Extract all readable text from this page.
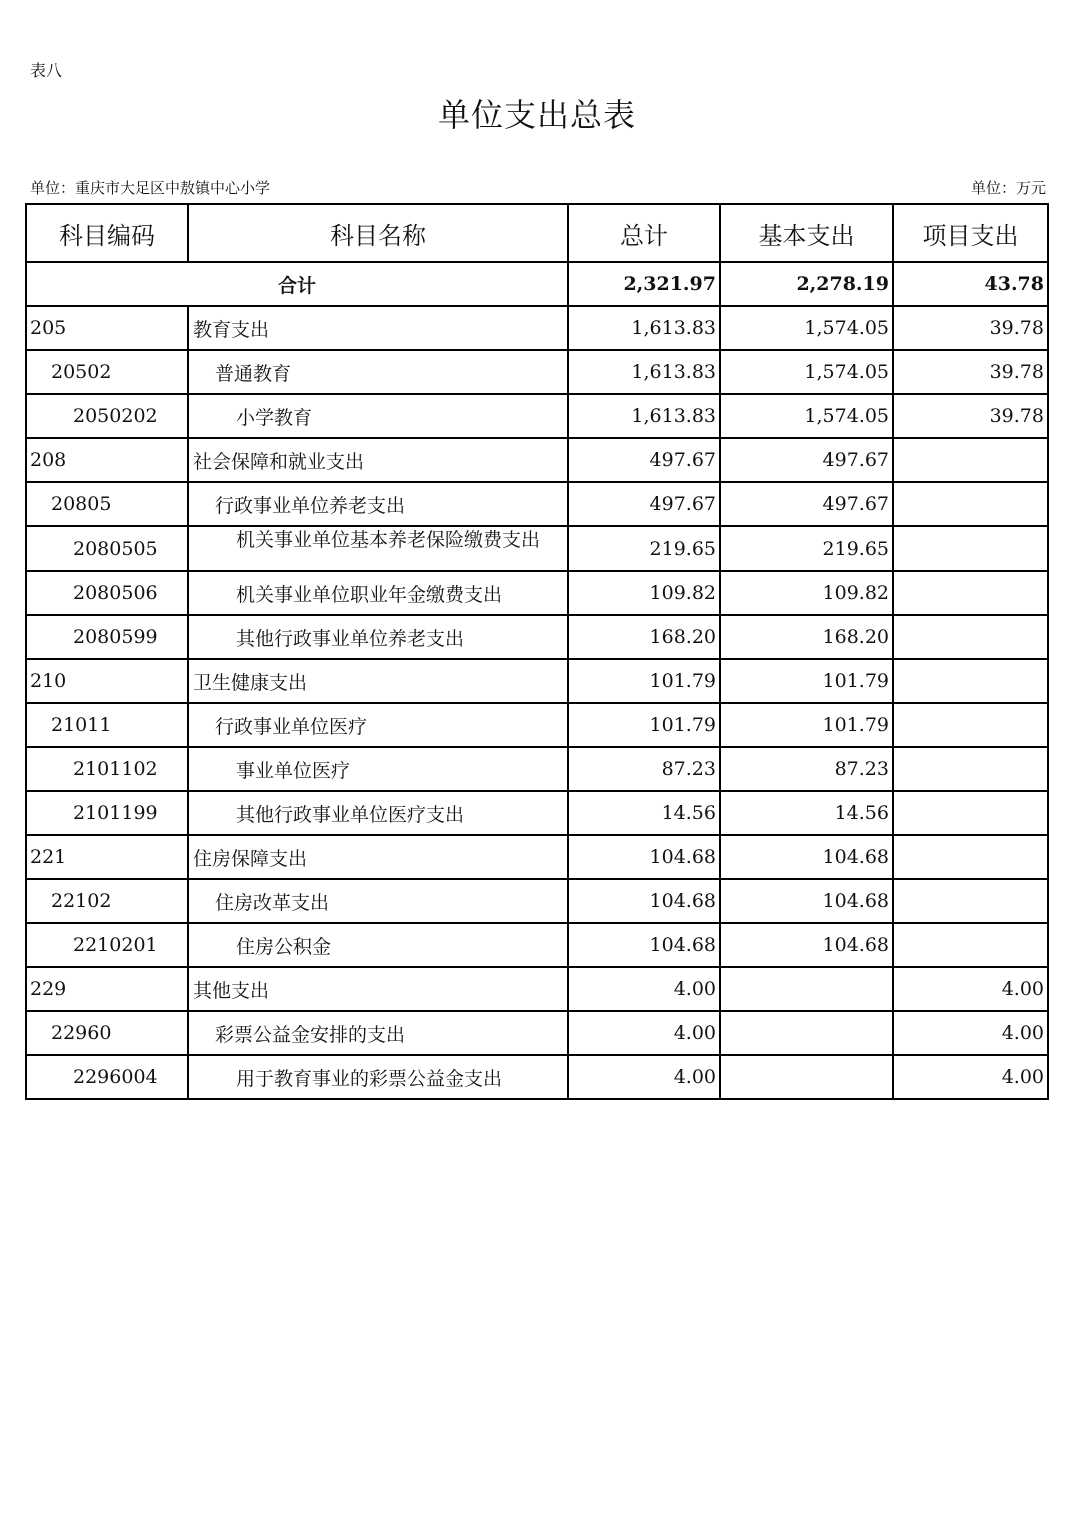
表八
单位支出总表
单位：重庆市大足区中敖镇中心小学	单位：万元
科目编码	科目名称	总计	基本支出	项目支出
合计		2,321.97	2,278.19	43.78
205	教育支出	1,613.83	1,574.05	39.78
20502	普通教育	1,613.83	1,574.05	39.78
2050202	小学教育	1,613.83	1,574.05	39.78
208	社会保障和就业支出	497.67	497.67	
20805	行政事业单位养老支出	497.67	497.67	
2080505	机关事业单位基本养老保险缴费支出	219.65	219.65	
2080506	机关事业单位职业年金缴费支出	109.82	109.82	
2080599	其他行政事业单位养老支出	168.20	168.20	
210	卫生健康支出	101.79	101.79	
21011	行政事业单位医疗	101.79	101.79	
2101102	事业单位医疗	87.23	87.23	
2101199	其他行政事业单位医疗支出	14.56	14.56	
221	住房保障支出	104.68	104.68	
22102	住房改革支出	104.68	104.68	
2210201	住房公积金	104.68	104.68	
229	其他支出	4.00		4.00
22960	彩票公益金安排的支出	4.00		4.00
2296004	用于教育事业的彩票公益金支出	4.00		4.00
